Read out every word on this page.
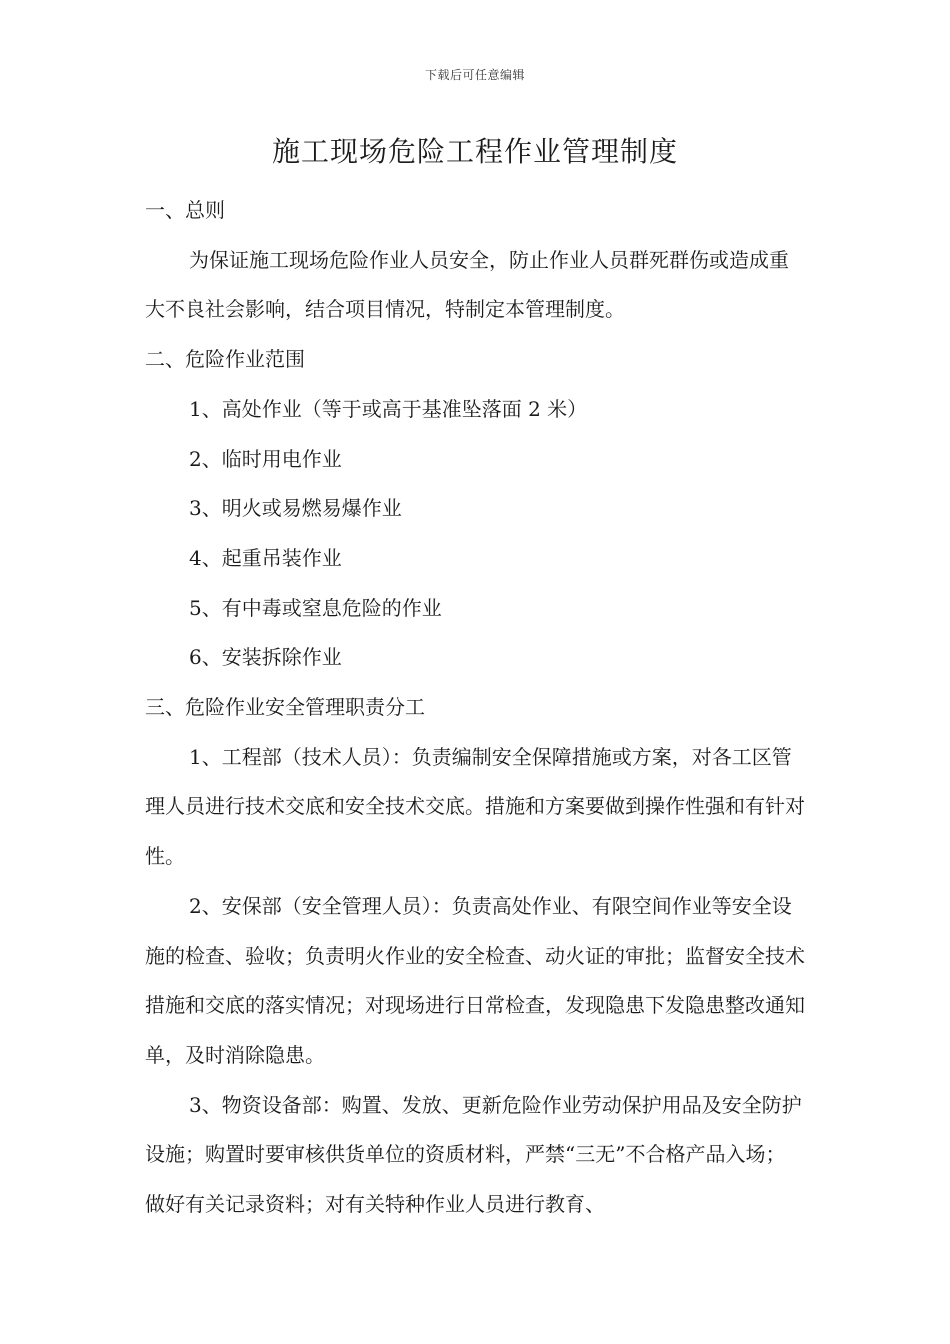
下载后可任意编辑
施工现场危险工程作业管理制度

一、总则

为保证施工现场危险作业人员安全，防止作业人员群死群伤或造成重大不良社会影响，结合项目情况，特制定本管理制度。

二、危险作业范围

1、高处作业（等于或高于基准坠落面 2 米）

2、临时用电作业

3、明火或易燃易爆作业

4、起重吊装作业

5、有中毒或窒息危险的作业

6、安装拆除作业

三、危险作业安全管理职责分工

1、工程部（技术人员）：负责编制安全保障措施或方案，对各工区管理人员进行技术交底和安全技术交底。措施和方案要做到操作性强和有针对性。

2、安保部（安全管理人员）：负责高处作业、有限空间作业等安全设施的检查、验收；负责明火作业的安全检查、动火证的审批；监督安全技术措施和交底的落实情况；对现场进行日常检查，发现隐患下发隐患整改通知单，及时消除隐患。

3、物资设备部：购置、发放、更新危险作业劳动保护用品及安全防护设施；购置时要审核供货单位的资质材料，严禁“三无”不合格产品入场；做好有关记录资料；对有关特种作业人员进行教育、
